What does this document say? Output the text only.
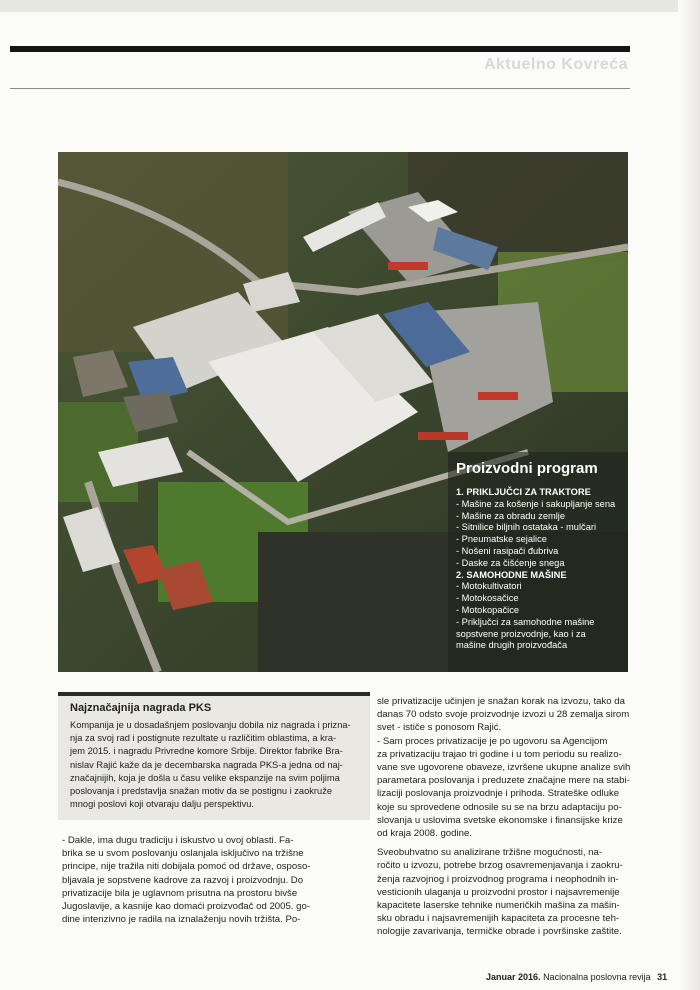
Aktuelno Kovreća
Proizvodni program
1. PRIKLJUČCI ZA TRAKTORE
- Mašine za košenje i sakupljanje sena
- Mašine za obradu zemlje
- Sitnilice biljnih ostataka - mulčari
- Pneumatske sejalice
- Nošeni rasipači đubriva
- Daske za čišćenje snega
2. SAMOHODNE MAŠINE
- Motokultivatori
- Motokosačice
- Motokopačice
- Priključci za samohodne mašine
sopstvene proizvodnje, kao i za
mašine drugih proizvođača
Najznačajnija nagrada PKS
Kompanija je u dosadašnjem poslovanju dobila niz nagrada i prizna-
nja za svoj rad i postignute rezultate u različitim oblastima, a kra-
jem 2015. i nagradu Privredne komore Srbije. Direktor fabrike Bra-
nislav Rajić kaže da je decembarska nagrada PKS-a jedna od naj-
značajnijih, koja je došla u času velike ekspanzije na svim poljima
poslovanja i predstavlja snažan motiv da se postignu i zaokruže
mnogi poslovi koji otvaraju dalju perspektivu.
- Dakle, ima dugu tradiciju i iskustvo u ovoj oblasti. Fa-
brika se u svom poslovanju oslanjala isključivo na tržišne
principe, nije tražila niti dobijala pomoć od države, osposo-
bljavala je sopstvene kadrove za razvoj i proizvodnju. Do
privatizacije bila je uglavnom prisutna na prostoru bivše
Jugoslavije, a kasnije kao domaći proizvođač od 2005. go-
dine intenzivno je radila na iznalaženju novih tržišta. Po-
sle privatizacije učinjen je snažan korak na izvozu, tako da
danas 70 odsto svoje proizvodnje izvozi u 28 zemalja sirom
svet - ističe s ponosom Rajić.
- Sam proces privatizacije je po ugovoru sa Agencijom
za privatizaciju trajao tri godine i u tom periodu su realizo-
vane sve ugovorene obaveze, izvršene ukupne analize svih
parametara poslovanja i preduzete značajne mere na stabi-
lizaciji poslovanja proizvodnje i prihoda. Strateške odluke
koje su sprovedene odnosile su se na brzu adaptaciju po-
slovanja u uslovima svetske ekonomske i finansijske krize
od kraja 2008. godine.
Sveobuhvatno su analizirane tržišne mogućnosti, na-
ročito u izvozu, potrebe brzog osavremenjavanja i zaokru-
ženja razvojnog i proizvodnog programa i neophodnih in-
vesticionih ulaganja u proizvodni prostor i najsavremenije
kapacitete laserske tehnike numeričkih mašina za mašin-
sku obradu i najsavremenijih kapaciteta za procesne teh-
nologije zavarivanja, termičke obrade i površinske zaštite.
Januar 2016. Nacionalna poslovna revija 31
